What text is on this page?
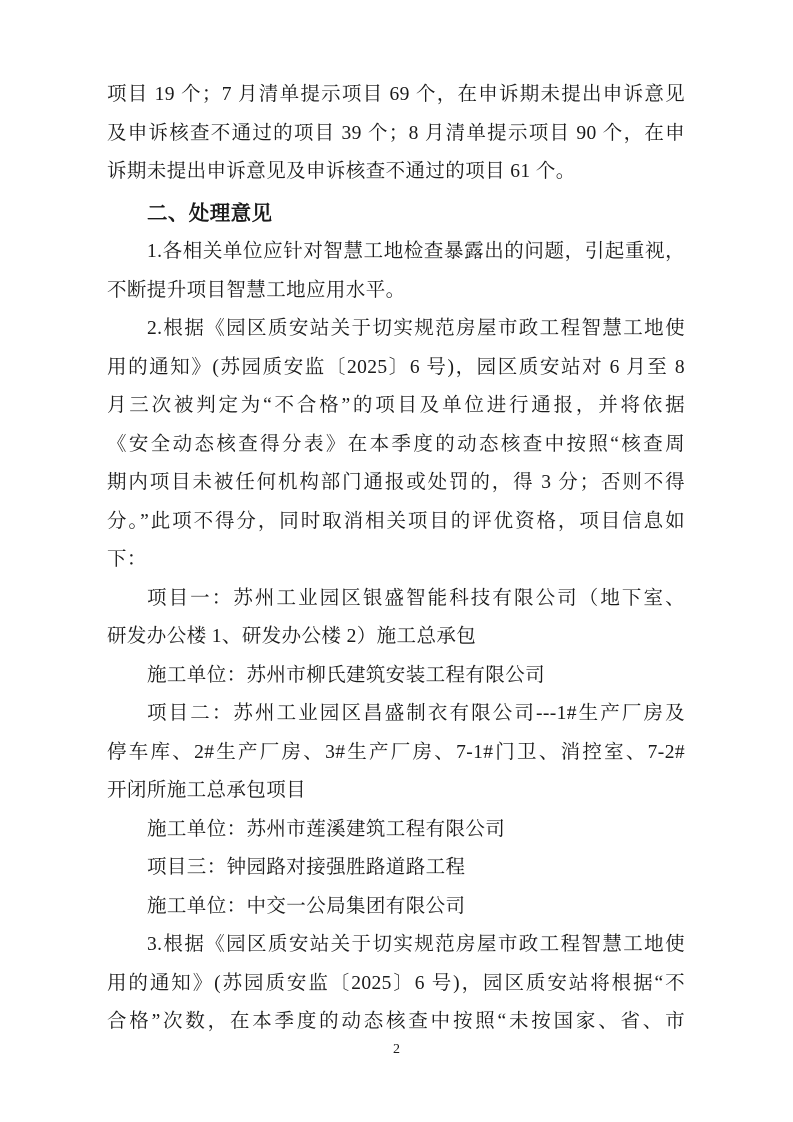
项目 19 个；7 月清单提示项目 69 个，在申诉期未提出申诉意见
及申诉核查不通过的项目 39 个；8 月清单提示项目 90 个，在申
诉期未提出申诉意见及申诉核查不通过的项目 61 个。
二、处理意见
1.各相关单位应针对智慧工地检查暴露出的问题，引起重视，
不断提升项目智慧工地应用水平。
2.根据《园区质安站关于切实规范房屋市政工程智慧工地使
用的通知》(苏园质安监〔2025〕6 号)，园区质安站对 6 月至 8
月三次被判定为“不合格”的项目及单位进行通报，并将依据
《安全动态核查得分表》在本季度的动态核查中按照“核查周
期内项目未被任何机构部门通报或处罚的，得 3 分；否则不得
分。”此项不得分，同时取消相关项目的评优资格，项目信息如
下：
项目一：苏州工业园区银盛智能科技有限公司（地下室、
研发办公楼 1、研发办公楼 2）施工总承包
施工单位：苏州市柳氏建筑安装工程有限公司
项目二：苏州工业园区昌盛制衣有限公司---1#生产厂房及
停车库、2#生产厂房、3#生产厂房、7-1#门卫、消控室、7-2#
开闭所施工总承包项目
施工单位：苏州市莲溪建筑工程有限公司
项目三：钟园路对接强胜路道路工程
施工单位：中交一公局集团有限公司
3.根据《园区质安站关于切实规范房屋市政工程智慧工地使
用的通知》(苏园质安监〔2025〕6 号)，园区质安站将根据“不
合格”次数，在本季度的动态核查中按照“未按国家、省、市
2
